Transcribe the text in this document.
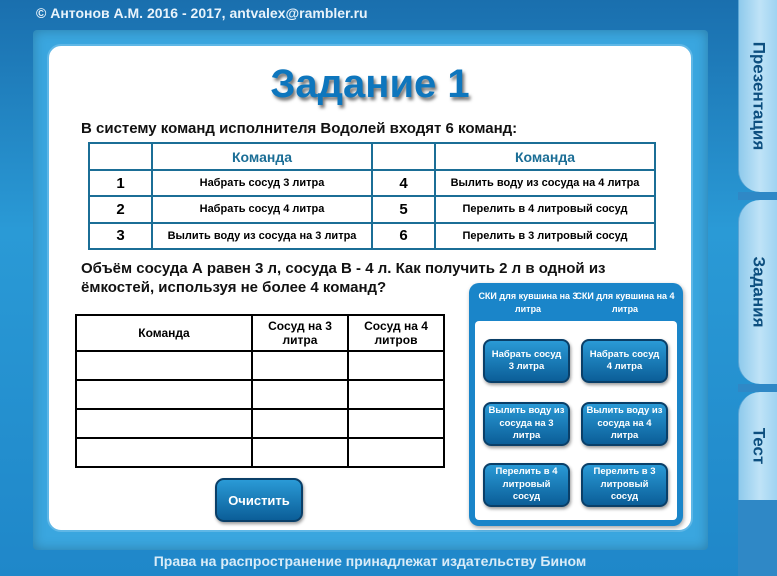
© Антонов А.М. 2016 - 2017, antvalex@rambler.ru
Презентация
Задания
Тест
Задание 1
В систему команд исполнителя Водолей входят 6 команд:
	Команда		Команда
1	Набрать сосуд 3 литра	4	Вылить воду из сосуда на 4 литра
2	Набрать сосуд 4 литра	5	Перелить в 4 литровый сосуд
3	Вылить воду из сосуда на 3 литра	6	Перелить в 3 литровый сосуд
Объём сосуда А равен 3 л, сосуда В - 4 л. Как получить 2 л в одной из ёмкостей, используя не более 4 команд?
Команда	Сосуд на 3 литра	Сосуд на 4 литров

Очистить
СКИ для кувшина на 3 литра
СКИ для кувшина на 4 литра
Набрать сосуд 3 литра
Набрать сосуд 4 литра
Вылить воду из сосуда на 3 литра
Вылить воду из сосуда на 4 литра
Перелить в 4 литровый сосуд
Перелить в 3 литровый сосуд
Права на распространение принадлежат издательству Бином
